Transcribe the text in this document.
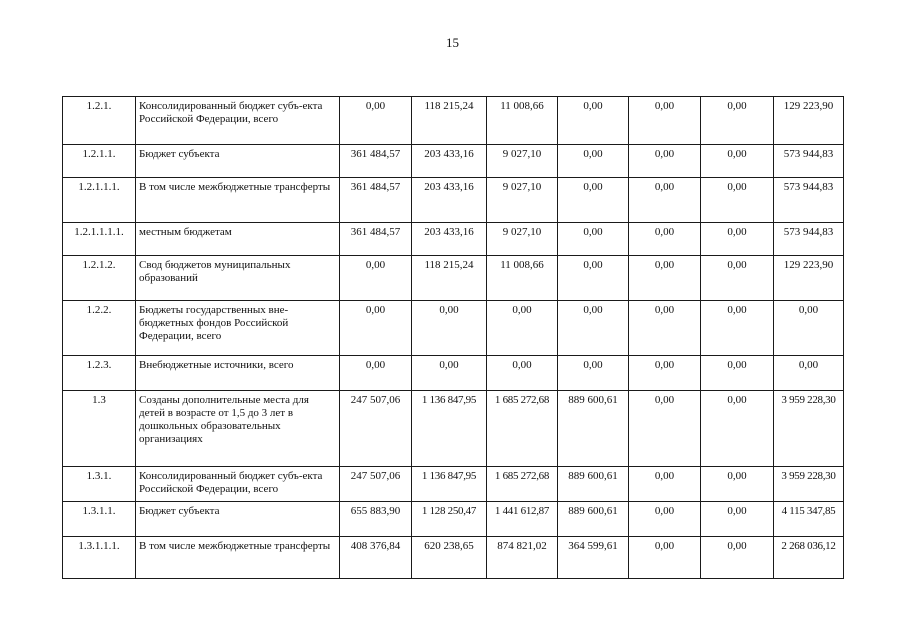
15
1.2.1.	Консолидированный бюджет субъ-екта Российской Федерации, всего	0,00	118 215,24	11 008,66	0,00	0,00	0,00	129 223,90
1.2.1.1.	Бюджет субъекта	361 484,57	203 433,16	9 027,10	0,00	0,00	0,00	573 944,83
1.2.1.1.1.	В том числе межбюджетные трансферты	361 484,57	203 433,16	9 027,10	0,00	0,00	0,00	573 944,83
1.2.1.1.1.1.	местным бюджетам	361 484,57	203 433,16	9 027,10	0,00	0,00	0,00	573 944,83
1.2.1.2.	Свод бюджетов муниципальных образований	0,00	118 215,24	11 008,66	0,00	0,00	0,00	129 223,90
1.2.2.	Бюджеты государственных вне-бюджетных фондов Российской Федерации, всего	0,00	0,00	0,00	0,00	0,00	0,00	0,00
1.2.3.	Внебюджетные источники, всего	0,00	0,00	0,00	0,00	0,00	0,00	0,00
1.3	Созданы дополнительные места для детей в возрасте от 1,5 до 3 лет в дошкольных образовательных организациях	247 507,06	1 136 847,95	1 685 272,68	889 600,61	0,00	0,00	3 959 228,30
1.3.1.	Консолидированный бюджет субъ-екта Российской Федерации, всего	247 507,06	1 136 847,95	1 685 272,68	889 600,61	0,00	0,00	3 959 228,30
1.3.1.1.	Бюджет субъекта	655 883,90	1 128 250,47	1 441 612,87	889 600,61	0,00	0,00	4 115 347,85
1.3.1.1.1.	В том числе межбюджетные трансферты	408 376,84	620 238,65	874 821,02	364 599,61	0,00	0,00	2 268 036,12
